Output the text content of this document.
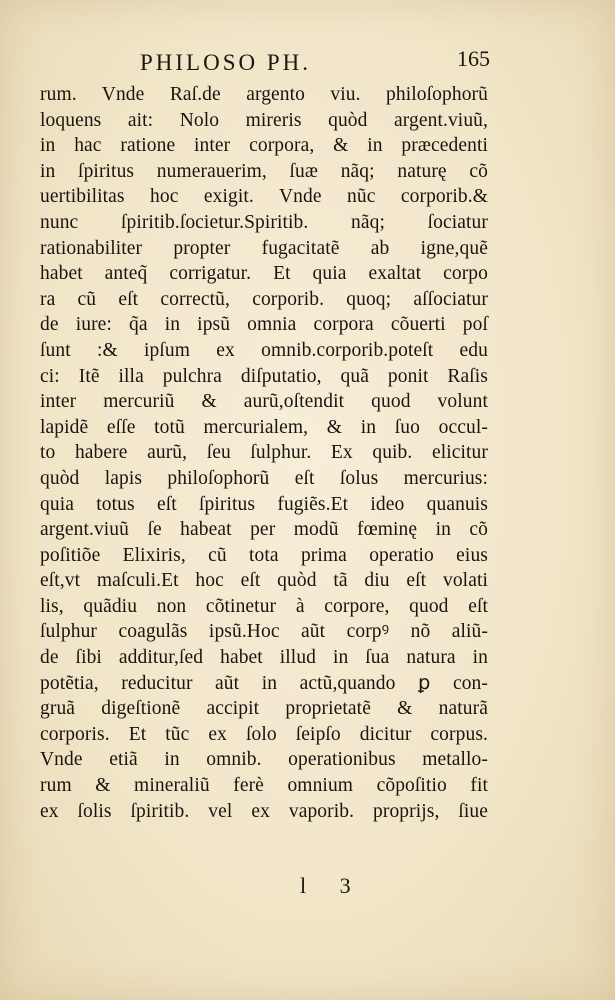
PHILOSO PH.	165
rum. Vnde Raſ.de argento viu. philoſophorũ
loquens ait: Nolo mireris quòd argent.viuũ,
in hac ratione inter corpora, & in præcedenti
in ſpiritus numerauerim, ſuæ nãq; naturę cõ
uertibilitas hoc exigit. Vnde nũc corporib.&
nunc ſpiritib.ſocietur.Spiritib. nãq; ſociatur
rationabiliter propter fugacitatẽ ab igne,quẽ
habet anteq̃ corrigatur. Et quia exaltat corpo
ra cũ eſt correctũ, corporib. quoq; aſſociatur
de iure: q̃a in ipsũ omnia corpora cõuerti poſ
ſunt :& ipſum ex omnib.corporib.poteſt edu
ci: Itẽ illa pulchra diſputatio, quã ponit Raſis
inter mercuriũ & aurũ,oſtendit quod volunt
lapidẽ eſſe totũ mercurialem, & in ſuo occul-
to habere aurũ, ſeu ſulphur. Ex quib. elicitur
quòd lapis philoſophorũ eſt ſolus mercurius:
quia totus eſt ſpiritus fugiẽs.Et ideo quanuis
argent.viuũ ſe habeat per modũ fœminę in cõ
poſitiõe Elixiris, cũ tota prima operatio eius
eſt,vt maſculi.Et hoc eſt quòd tã diu eſt volati
lis, quãdiu non cõtinetur à corpore, quod eſt
ſulphur coagulãs ipsũ.Hoc aũt corpꝰ nõ aliũ-
de ſibi additur,ſed habet illud in ſua natura in
potẽtia, reducitur aũt in actũ,quando ꝑ con-
gruã digeſtionẽ accipit proprietatẽ & naturã
corporis. Et tũc ex ſolo ſeipſo dicitur corpus.
Vnde etiã in omnib. operationibus metallo-
rum & mineraliũ ferè omnium cõpoſitio fit
ex ſolis ſpiritib. vel ex vaporib. proprijs, ſiue
l 3
